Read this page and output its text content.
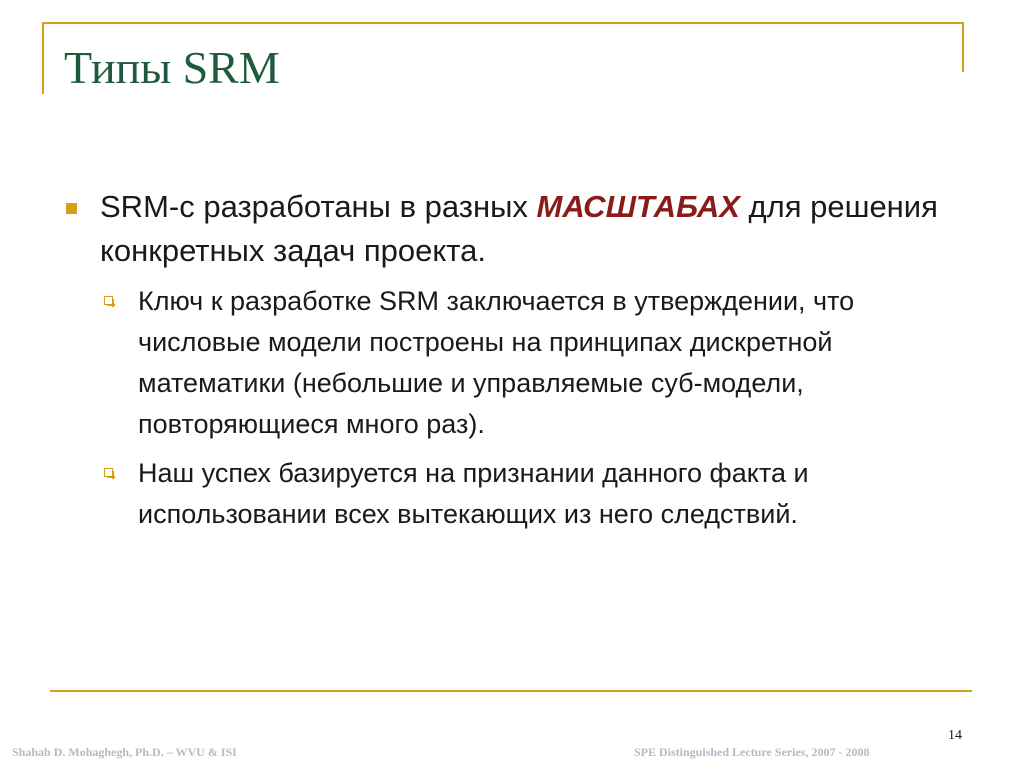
Типы SRM
SRM-с разработаны в разных МАСШТАБАХ для решения конкретных задач проекта.
Ключ к разработке SRM заключается в утверждении, что числовые модели построены на принципах дискретной математики (небольшие и управляемые суб-модели, повторяющиеся много раз).
Наш успех базируется на признании данного факта и использовании всех вытекающих из него следствий.
14
Shahab D. Mohaghegh, Ph.D. – WVU & ISI	SPE Distinguished Lecture Series, 2007 - 2008
